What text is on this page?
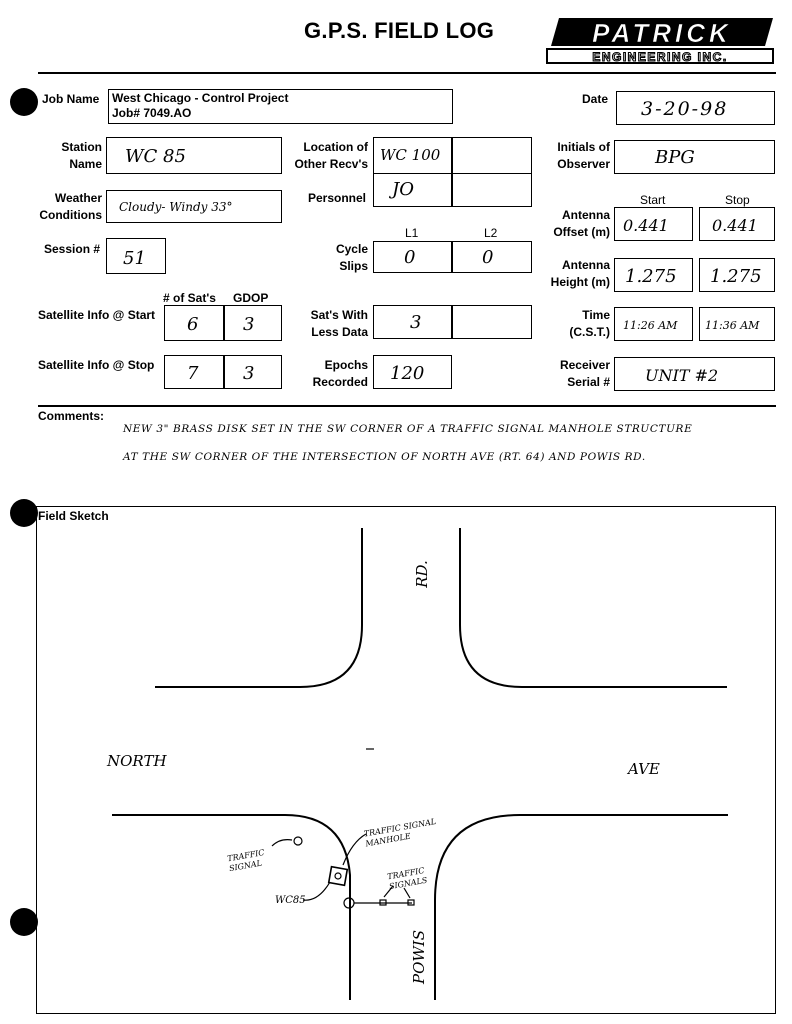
G.P.S. FIELD LOG	PATRICK
ENGINEERING INC.
Job Name West Chicago - Control Project
Job# 7049.AO
Date 3-20-98
Station
Name WC 85	Location of
Other Recv's WC 100	Initials of
Observer	BPG
Weather
Conditions
Cloudy- Windy 33°
Personnel JO	Start	Stop
Antenna
Offset (m) 0.441	0.441
Session # 51
L1	L2
Cycle
Slips 0	0	Antenna
Height (m) 1.275 1.275
# of Sat's GDOP
Satellite Info @ Start 6 3	Sat's With
Less Data 3	Time
(C.S.T.) 11:26 AM	11:36 AM
Satellite Info @ Stop 7 3	Epochs
Recorded 120	Receiver
Serial # UNIT #2
Comments:
NEW 3" BRASS DISK SET IN THE SW CORNER OF A TRAFFIC SIGNAL MANHOLE STRUCTURE
AT THE SW CORNER OF THE INTERSECTION OF NORTH AVE (RT. 64) AND POWIS RD.
Field Sketch
RD.
NORTH	AVE
POWIS
TRAFFIC SIGNAL
TRAFFIC SIGNAL MANHOLE
TRAFFIC SIGNALS
WC85
